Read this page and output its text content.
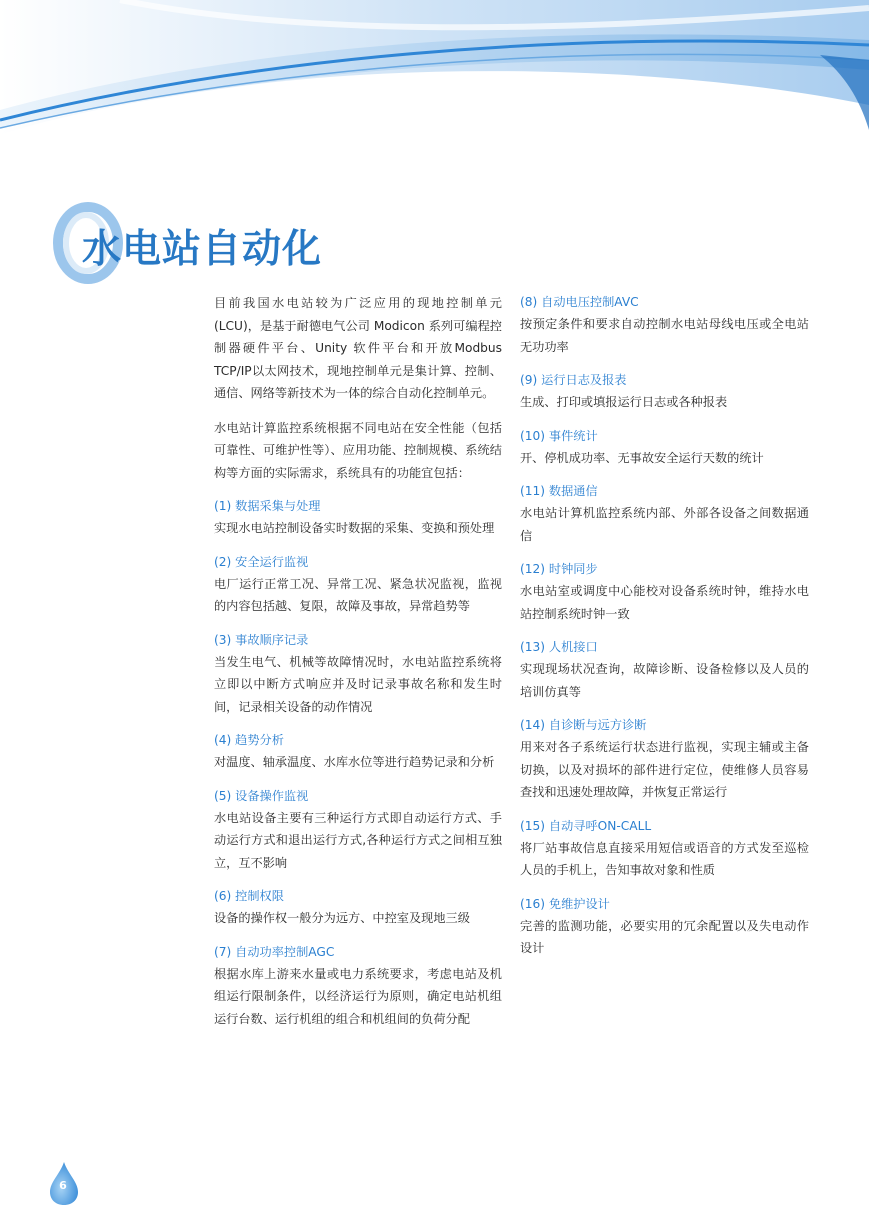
水电站自动化

目前我国水电站较为广泛应用的现地控制单元(LCU)，是基于耐德电气公司 Modicon 系列可编程控制器硬件平台、Unity 软件平台和开放Modbus TCP/IP以太网技术，现地控制单元是集计算、控制、通信、网络等新技术为一体的综合自动化控制单元。

水电站计算监控系统根据不同电站在安全性能（包括可靠性、可维护性等）、应用功能、控制规模、系统结构等方面的实际需求，系统具有的功能宜包括：

(1) 数据采集与处理

实现水电站控制设备实时数据的采集、变换和预处理

(2) 安全运行监视

电厂运行正常工况、异常工况、紧急状况监视，监视的内容包括越、复限，故障及事故，异常趋势等

(3) 事故顺序记录

当发生电气、机械等故障情况时，水电站监控系统将立即以中断方式响应并及时记录事故名称和发生时间，记录相关设备的动作情况

(4) 趋势分析

对温度、轴承温度、水库水位等进行趋势记录和分析

(5) 设备操作监视

水电站设备主要有三种运行方式即自动运行方式、手动运行方式和退出运行方式,各种运行方式之间相互独立，互不影响

(6) 控制权限

设备的操作权一般分为远方、中控室及现地三级

(7) 自动功率控制AGC

根据水库上游来水量或电力系统要求，考虑电站及机组运行限制条件，以经济运行为原则，确定电站机组运行台数、运行机组的组合和机组间的负荷分配

(8) 自动电压控制AVC

按预定条件和要求自动控制水电站母线电压或全电站无功功率

(9) 运行日志及报表

生成、打印或填报运行日志或各种报表

(10) 事件统计

开、停机成功率、无事故安全运行天数的统计

(11) 数据通信

水电站计算机监控系统内部、外部各设备之间数据通信

(12) 时钟同步

水电站室或调度中心能校对设备系统时钟，维持水电站控制系统时钟一致

(13) 人机接口

实现现场状况查询，故障诊断、设备检修以及人员的培训仿真等

(14) 自诊断与远方诊断

用来对各子系统运行状态进行监视，实现主辅或主备切换，以及对损坏的部件进行定位，使维修人员容易查找和迅速处理故障，并恢复正常运行

(15) 自动寻呼ON-CALL

将厂站事故信息直接采用短信或语音的方式发至巡检人员的手机上，告知事故对象和性质

(16) 免维护设计

完善的监测功能，必要实用的冗余配置以及失电动作设计

6
